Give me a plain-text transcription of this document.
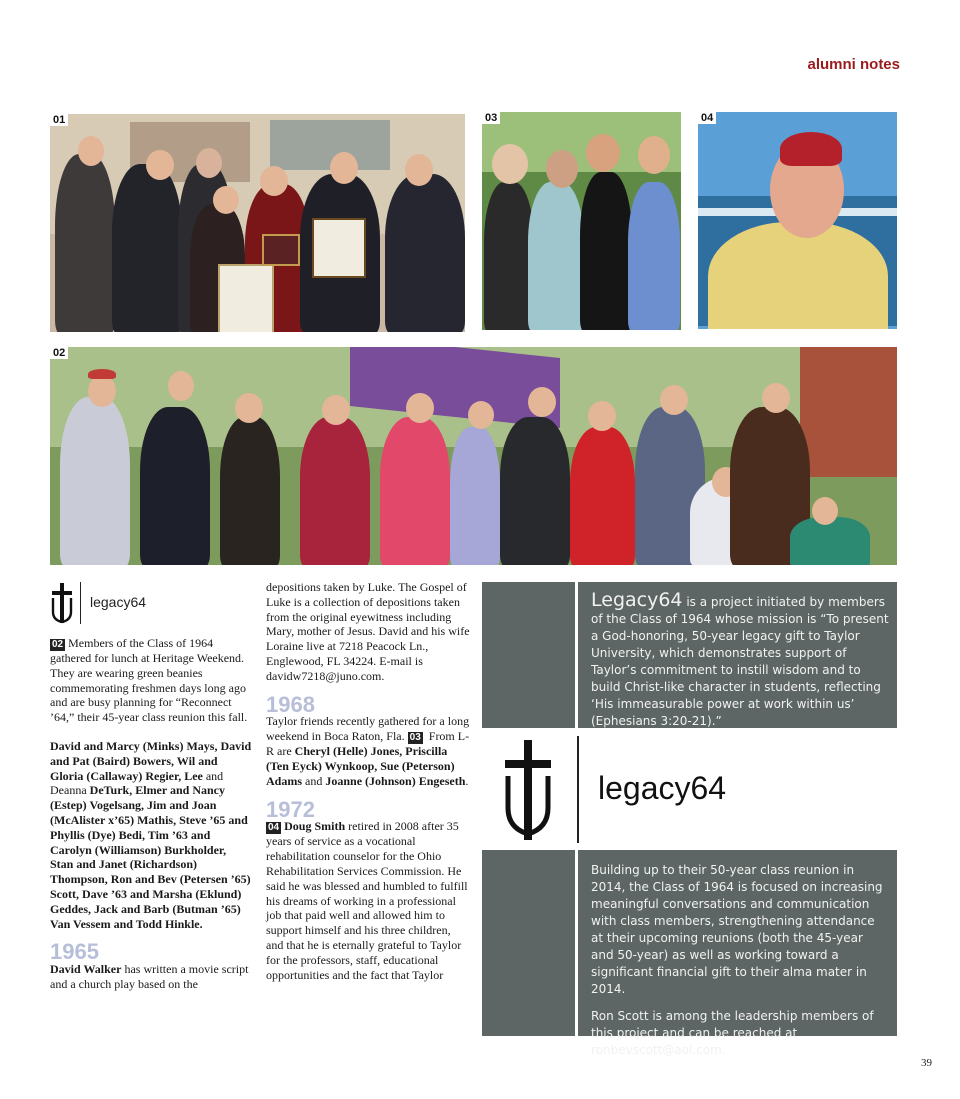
alumni notes
01	03	04
02
legacy64

02 Members of the Class of 1964 gathered for lunch at Heritage Weekend. They are wearing green beanies commemorating freshmen days long ago and are busy planning for “Reconnect ’64,” their 45-year class reunion this fall.

David and Marcy (Minks) Mays, David and Pat (Baird) Bowers, Wil and Gloria (Callaway) Regier, Lee and Deanna DeTurk, Elmer and Nancy (Estep) Vogelsang, Jim and Joan (McAlister x’65) Mathis, Steve ’65 and Phyllis (Dye) Bedi, Tim ’63 and Carolyn (Williamson) Burkholder, Stan and Janet (Richardson) Thompson, Ron and Bev (Petersen ’65) Scott, Dave ’63 and Marsha (Eklund) Geddes, Jack and Barb (Butman ’65) Van Vessem and Todd Hinkle.

1965

David Walker has written a movie script and a church play based on the

depositions taken by Luke. The Gospel of Luke is a collection of depositions taken from the original eyewitness including Mary, mother of Jesus. David and his wife Loraine live at 7218 Peacock Ln., Englewood, FL 34224. E-mail is davidw7218@juno.com.

1968

Taylor friends recently gathered for a long weekend in Boca Raton, Fla. 03 From L-R are Cheryl (Helle) Jones, Priscilla (Ten Eyck) Wynkoop, Sue (Peterson) Adams and Joanne (Johnson) Engeseth.

1972

04 Doug Smith retired in 2008 after 35 years of service as a vocational rehabilitation counselor for the Ohio Rehabilitation Services Commission. He said he was blessed and humbled to fulfill his dreams of working in a professional job that paid well and allowed him to support himself and his three children, and that he is eternally grateful to Taylor for the professors, staff, educational opportunities and the fact that Taylor

Legacy64 is a project initiated by members of the Class of 1964 whose mission is “To present a God-honoring, 50-year legacy gift to Taylor University, which demonstrates support of Taylor’s commitment to instill wisdom and to build Christ-like character in students, reflecting ‘His immeasurable power at work within us’ (Ephesians 3:20-21).”
legacy64

Building up to their 50-year class reunion in 2014, the Class of 1964 is focused on increasing meaningful conversations and communication with class members, strengthening attendance at their upcoming reunions (both the 45-year and 50-year) as well as working toward a significant financial gift to their alma mater in 2014.

Ron Scott is among the leadership members of this project and can be reached at ronbevscott@aol.com.

39
